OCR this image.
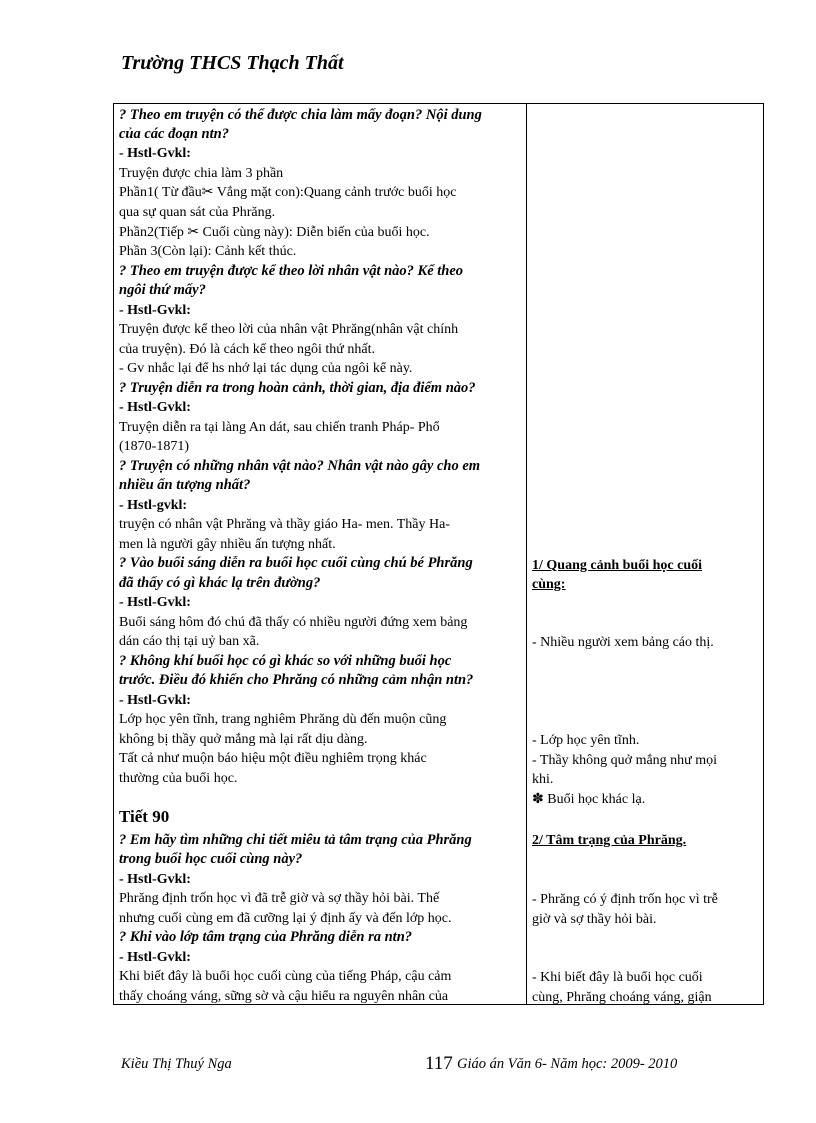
Trường THCS Thạch Thất
? Theo em truyện có thể được chia làm mấy đoạn? Nội dung
của các đoạn ntn?
- Hstl-Gvkl:
Truyện được chia làm 3 phần
Phần1( Từ đầu✂ Vắng mặt con):Quang cảnh trước buổi học
qua sự quan sát của Phrăng.
Phần2(Tiếp ✂ Cuối cùng này): Diễn biến của buổi học.
Phần 3(Còn lại): Cảnh kết thúc.
? Theo em truyện được kể theo lời nhân vật nào? Kể theo
ngôi thứ mấy?
- Hstl-Gvkl:
Truyện được kể theo lời của nhân vật Phrăng(nhân vật chính
của truyện). Đó là cách kể theo ngôi thứ nhất.
- Gv nhắc lại để hs nhớ lại tác dụng của ngôi kể này.
? Truyện diễn ra trong hoàn cảnh, thời gian, địa điểm nào?
- Hstl-Gvkl:
Truyện diễn ra tại làng An dát, sau chiến tranh Pháp- Phổ
(1870-1871)
? Truyện có những nhân vật nào? Nhân vật nào gây cho em
nhiều ấn tượng nhất?
- Hstl-gvkl:
truyện có nhân vật Phrăng và thầy giáo Ha- men. Thầy Ha-
men là người gây nhiều ấn tượng nhất.
? Vào buổi sáng diễn ra buổi học cuối cùng chú bé Phrăng
đã thấy có gì khác lạ trên đường?
- Hstl-Gvkl:
Buổi sáng hôm đó chú đã thấy có nhiều người đứng xem bảng
dán cáo thị tại uỷ ban xã.
? Không khí buổi học có gì khác so với những buổi học
trước. Điều đó khiến cho Phrăng có những cảm nhận ntn?
- Hstl-Gvkl:
Lớp học yên tĩnh, trang nghiêm Phrăng dù đến muộn cũng
không bị thầy quở mắng mà lại rất dịu dàng.
Tất cả như muộn báo hiệu một điều nghiêm trọng khác
thường của buổi học.
Tiết 90
? Em hãy tìm những chi tiết miêu tả tâm trạng của Phrăng
trong buổi học cuối cùng này?
- Hstl-Gvkl:
Phrăng định trốn học vì đã trễ giờ và sợ thầy hỏi bài. Thế
nhưng cuối cùng em đã cưỡng lại ý định ấy và đến lớp học.
? Khi vào lớp tâm trạng của Phrăng diễn ra ntn?
- Hstl-Gvkl:
Khi biết đây là buổi học cuối cùng của tiếng Pháp, cậu cảm
thấy choáng váng, sững sờ và cậu hiểu ra nguyên nhân của
1/ Quang cảnh buổi học cuối
cùng:
- Nhiều người xem bảng cáo thị.
- Lớp học yên tĩnh.
- Thầy không quở mắng như mọi
khi.
✽ Buổi học khác lạ.
2/ Tâm trạng của Phrăng.
- Phrăng có ý định trốn học vì trễ
giờ và sợ thầy hỏi bài.
- Khi biết đây là buổi học cuối
cùng, Phrăng choáng váng, giận
Kiều Thị Thuý Nga	117 Giáo án Văn 6- Năm học: 2009- 2010
